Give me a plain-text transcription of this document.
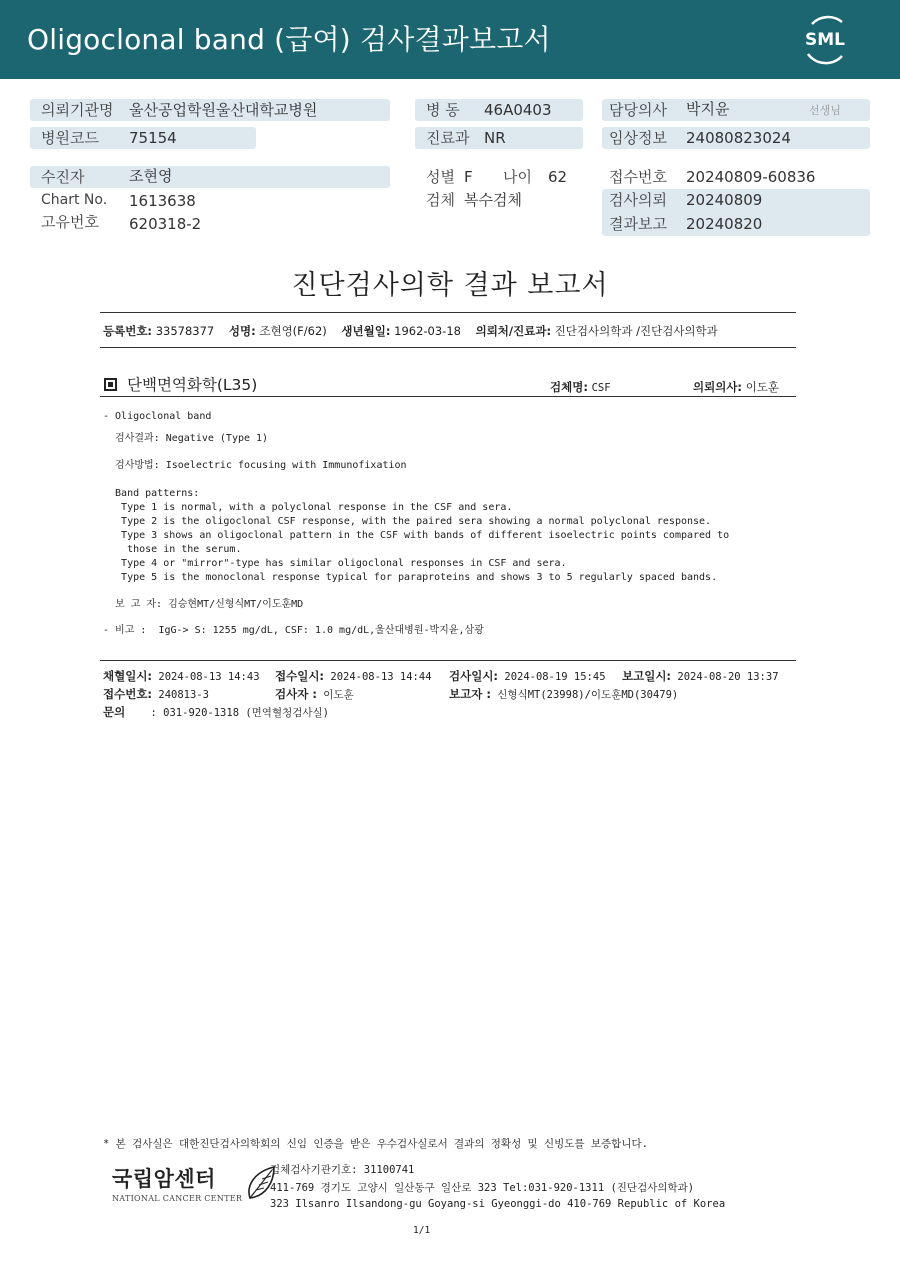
Oligoclonal band (급여) 검사결과보고서	SML
의뢰기관명 울산공업학원울산대학교병원
병원코드 75154
병 동 46A0403
진료과 NR
담당의사 박지윤	선생님
임상정보 24080823024
수진자	조현영
Chart No. 1613638
고유번호 620318-2
성별 F 나이 62
검체 복수검체
접수번호 20240809-60836
검사의뢰 20240809
결과보고 20240820
진단검사의학 결과 보고서
등록번호: 33578377 성명: 조현영(F/62) 생년월일: 1962-03-18 의뢰처/진료과: 진단검사의학과 /진단검사의학과
단백면역화학(L35)	검체명: CSF	의뢰의사: 이도훈
- Oligoclonal band
검사결과: Negative (Type 1)
검사방법: Isoelectric focusing with Immunofixation
Band patterns:
Type 1 is normal, with a polyclonal response in the CSF and sera.
Type 2 is the oligoclonal CSF response, with the paired sera showing a normal polyclonal response.
Type 3 shows an oligoclonal pattern in the CSF with bands of different isoelectric points compared to
those in the serum.
Type 4 or "mirror"-type has similar oligoclonal responses in CSF and sera.
Type 5 is the monoclonal response typical for paraproteins and shows 3 to 5 regularly spaced bands.
보 고 자: 김승현MT/신형식MT/이도훈MD
- 비고 :  IgG-> S: 1255 mg/dL, CSF: 1.0 mg/dL,울산대병원-박지윤,삼광
채혈일시: 2024-08-13 14:43 접수일시: 2024-08-13 14:44 검사일시: 2024-08-19 15:45 보고일시: 2024-08-20 13:37
접수번호: 240813-3	검사자 : 이도훈	보고자 : 신형식MT(23998)/이도훈MD(30479)
문의 : 031-920-1318 (면역혈청검사실)
* 본 검사실은 대한진단검사의학회의 신임 인증을 받은 우수검사실로서 결과의 정확성 및 신빙도를 보증합니다.
국립암센터
NATIONAL CANCER CENTER
검체검사기관기호: 31100741
411-769 경기도 고양시 일산동구 일산로 323 Tel:031-920-1311 (진단검사의학과)
323 Ilsanro Ilsandong-gu Goyang-si Gyeonggi-do 410-769 Republic of Korea
1/1
